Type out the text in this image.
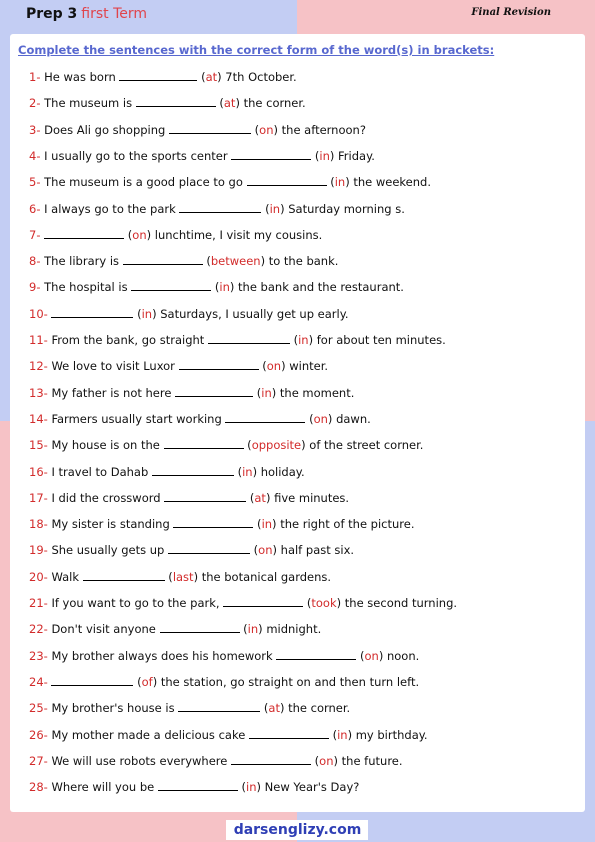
Prep 3 first Term	Final Revision
Complete the sentences with the correct form of the word(s) in brackets:
1- He was born	(at) 7th October.
2- The museum is	(at) the corner.
3- Does Ali go shopping	(on) the afternoon?
4- I usually go to the sports center	(in) Friday.
5- The museum is a good place to go	(in) the weekend.
6- I always go to the park	(in) Saturday morning s.
7-	(on) lunchtime, I visit my cousins.
8- The library is	(between) to the bank.
9- The hospital is	(in) the bank and the restaurant.
10-	(in) Saturdays, I usually get up early.
11- From the bank, go straight	(in) for about ten minutes.
12- We love to visit Luxor	(on) winter.
13- My father is not here	(in) the moment.
14- Farmers usually start working	(on) dawn.
15- My house is on the	(opposite) of the street corner.
16- I travel to Dahab	(in) holiday.
17- I did the crossword	(at) five minutes.
18- My sister is standing	(in) the right of the picture.
19- She usually gets up	(on) half past six.
20- Walk	(last) the botanical gardens.
21- If you want to go to the park,	(took) the second turning.
22- Don't visit anyone	(in) midnight.
23- My brother always does his homework	(on) noon.
24-	(of) the station, go straight on and then turn left.
25- My brother's house is	(at) the corner.
26- My mother made a delicious cake	(in) my birthday.
27- We will use robots everywhere	(on) the future.
28- Where will you be	(in) New Year's Day?
darsenglizy.com
